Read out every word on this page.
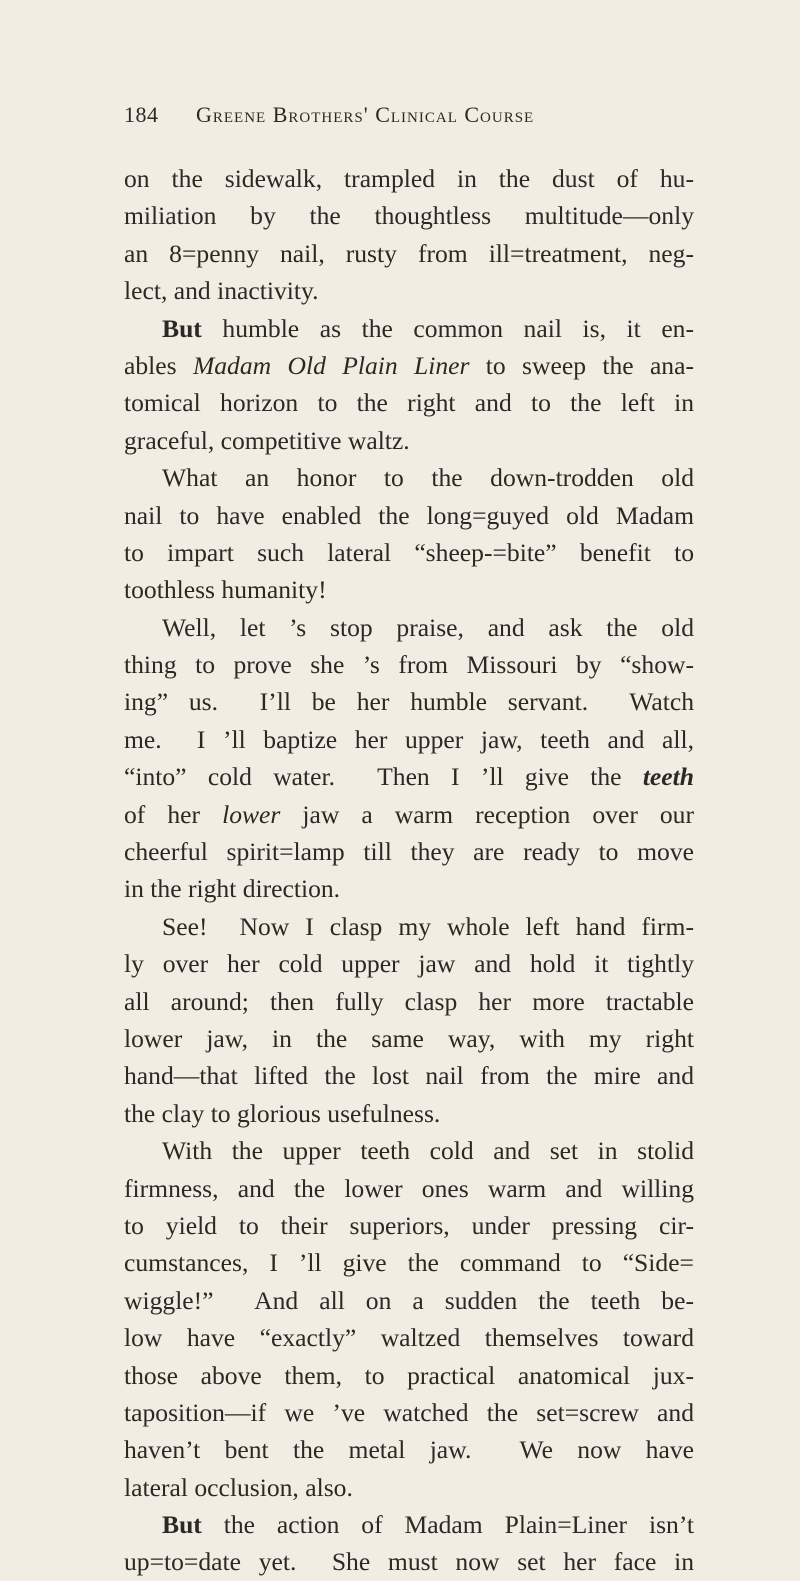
184 Greene Brothers' Clinical Course
on the sidewalk, trampled in the dust of hu-
miliation by the thoughtless multitude—only
an 8=penny nail, rusty from ill=treatment, neg-
lect, and inactivity.
But humble as the common nail is, it en-
ables Madam Old Plain Liner to sweep the ana-
tomical horizon to the right and to the left in
graceful, competitive waltz.
What an honor to the down-trodden old
nail to have enabled the long=guyed old Madam
to impart such lateral “sheep-=bite” benefit to
toothless humanity!
Well, let ’s stop praise, and ask the old
thing to prove she ’s from Missouri by “show-
ing” us.  I’ll be her humble servant.  Watch
me.  I ’ll baptize her upper jaw, teeth and all,
“into” cold water.  Then I ’ll give the teeth
of her lower jaw a warm reception over our
cheerful spirit=lamp till they are ready to move
in the right direction.
See!  Now I clasp my whole left hand firm-
ly over her cold upper jaw and hold it tightly
all around; then fully clasp her more tractable
lower jaw, in the same way, with my right
hand—that lifted the lost nail from the mire and
the clay to glorious usefulness.
With the upper teeth cold and set in stolid
firmness, and the lower ones warm and willing
to yield to their superiors, under pressing cir-
cumstances, I ’ll give the command to “Side=
wiggle!”  And all on a sudden the teeth be-
low have “exactly” waltzed themselves toward
those above them, to practical anatomical jux-
taposition—if we ’ve watched the set=screw and
haven’t bent the metal jaw.  We now have
lateral occlusion, also.
But the action of Madam Plain=Liner isn’t
up=to=date yet.  She must now set her face in
